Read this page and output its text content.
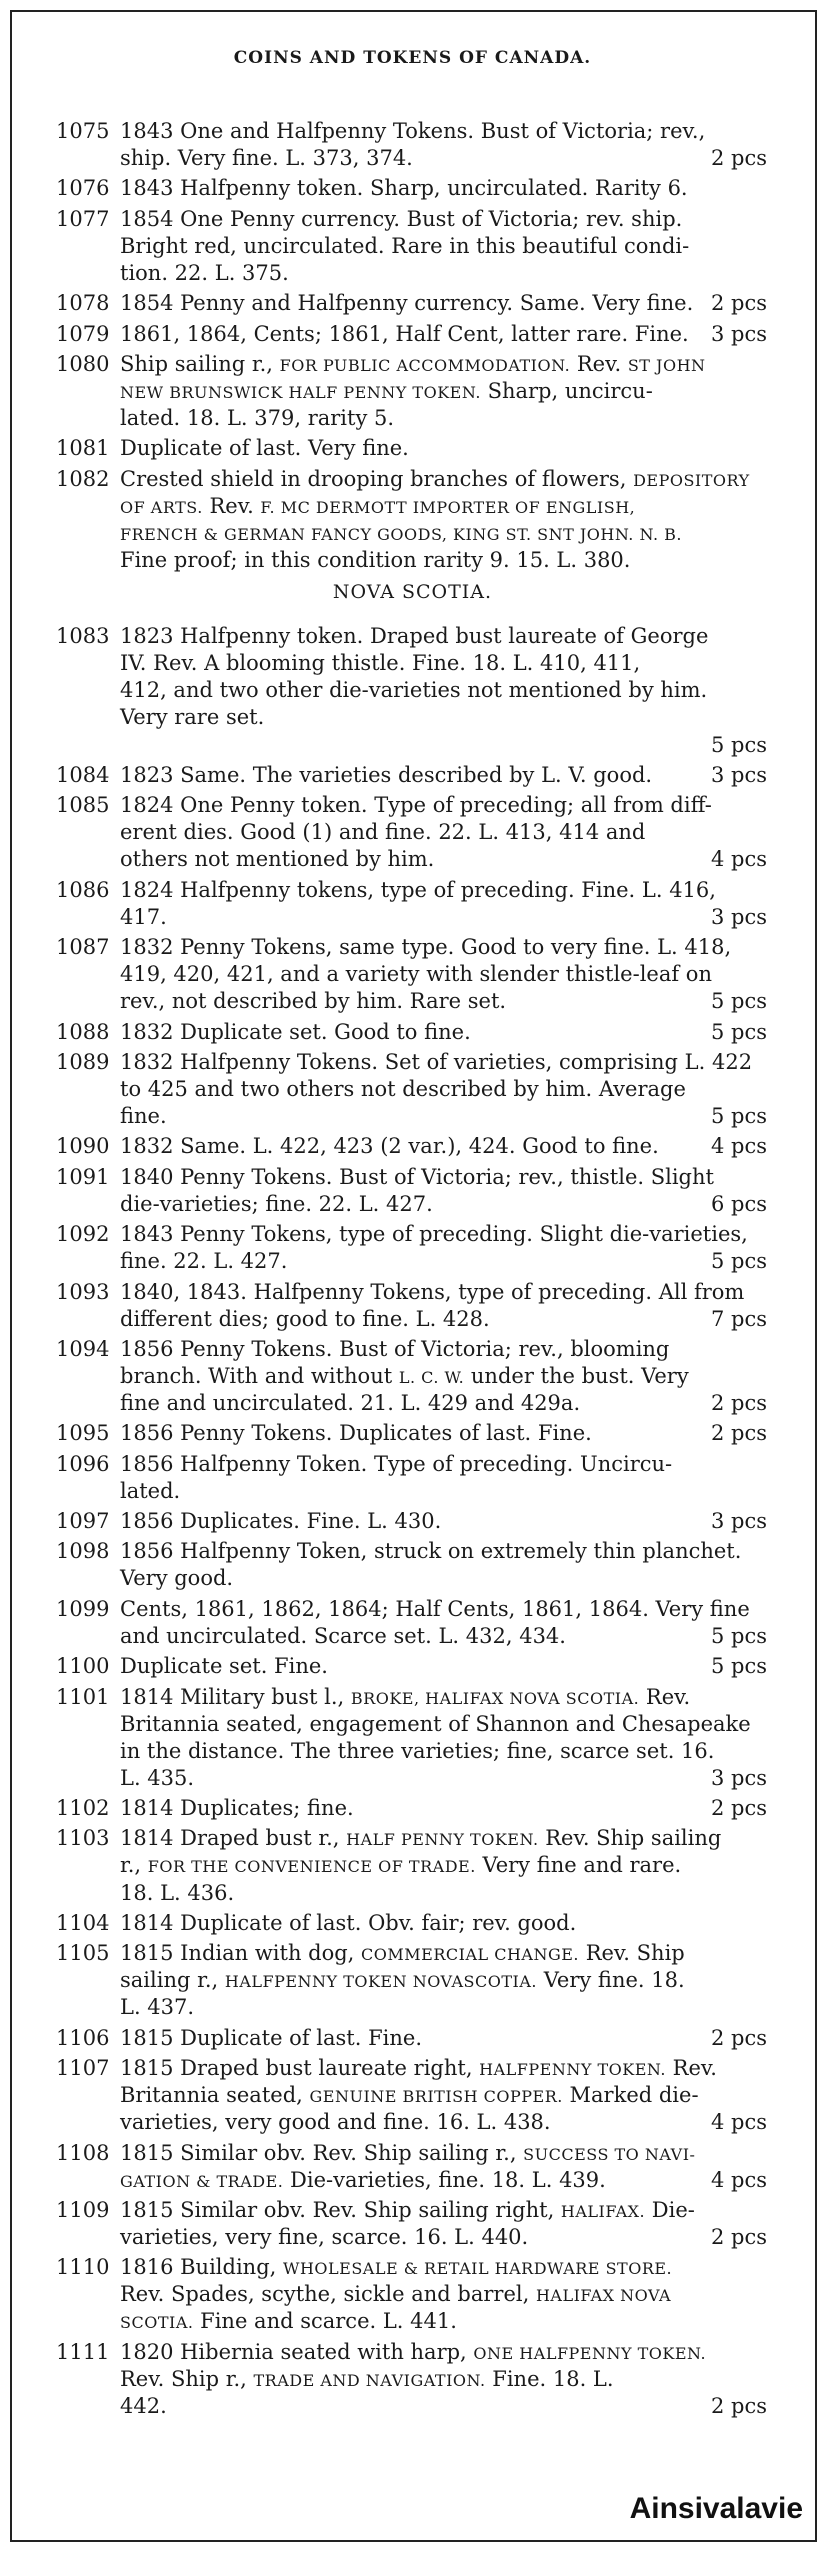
COINS AND TOKENS OF CANADA.
1075 1843 One and Halfpenny Tokens. Bust of Victoria; rev.,
ship. Very fine. L. 373, 374.	2 pcs
1076 1843 Halfpenny token. Sharp, uncirculated. Rarity 6.
1077 1854 One Penny currency. Bust of Victoria; rev. ship.
Bright red, uncirculated. Rare in this beautiful condi-
tion. 22. L. 375.
1078 1854 Penny and Halfpenny currency. Same. Very fine. 2 pcs
1079 1861, 1864, Cents; 1861, Half Cent, latter rare. Fine. 3 pcs
1080 Ship sailing r., FOR PUBLIC ACCOMMODATION. Rev. ST JOHN
NEW BRUNSWICK HALF PENNY TOKEN. Sharp, uncircu-
lated. 18. L. 379, rarity 5.
1081 Duplicate of last. Very fine.
1082 Crested shield in drooping branches of flowers, DEPOSITORY
OF ARTS. Rev. F. MC DERMOTT IMPORTER OF ENGLISH,
FRENCH & GERMAN FANCY GOODS, KING ST. SNT JOHN. N. B.
Fine proof; in this condition rarity 9. 15. L. 380.
1083 1823 Halfpenny token. Draped bust laureate of George
IV. Rev. A blooming thistle. Fine. 18. L. 410, 411,
412, and two other die-varieties not mentioned by him.
Very rare set.
5 pcs
1084 1823 Same. The varieties described by L. V. good.	3 pcs
1085 1824 One Penny token. Type of preceding; all from diff-
erent dies. Good (1) and fine. 22. L. 413, 414 and
others not mentioned by him.	4 pcs
1086 1824 Halfpenny tokens, type of preceding. Fine. L. 416,
417.	3 pcs
1087 1832 Penny Tokens, same type. Good to very fine. L. 418,
419, 420, 421, and a variety with slender thistle-leaf on
rev., not described by him. Rare set.	5 pcs
1088 1832 Duplicate set. Good to fine.	5 pcs
1089 1832 Halfpenny Tokens. Set of varieties, comprising L. 422
to 425 and two others not described by him. Average
fine.	5 pcs
1090 1832 Same. L. 422, 423 (2 var.), 424. Good to fine. 4 pcs
1091 1840 Penny Tokens. Bust of Victoria; rev., thistle. Slight
die-varieties; fine. 22. L. 427.	6 pcs
1092 1843 Penny Tokens, type of preceding. Slight die-varieties,
fine. 22. L. 427.	5 pcs
1093 1840, 1843. Halfpenny Tokens, type of preceding. All from
different dies; good to fine. L. 428.	7 pcs
1094 1856 Penny Tokens. Bust of Victoria; rev., blooming
branch. With and without L. C. W. under the bust. Very
fine and uncirculated. 21. L. 429 and 429a.	2 pcs
1095 1856 Penny Tokens. Duplicates of last. Fine.	2 pcs
1096 1856 Halfpenny Token. Type of preceding. Uncircu-
lated.
1097 1856 Duplicates. Fine. L. 430.	3 pcs
1098 1856 Halfpenny Token, struck on extremely thin planchet.
Very good.
1099 Cents, 1861, 1862, 1864; Half Cents, 1861, 1864. Very fine
and uncirculated. Scarce set. L. 432, 434.	5 pcs
1100 Duplicate set. Fine.	5 pcs
1101 1814 Military bust l., BROKE, HALIFAX NOVA SCOTIA. Rev.
Britannia seated, engagement of Shannon and Chesapeake
in the distance. The three varieties; fine, scarce set. 16.
L. 435.	3 pcs
1102 1814 Duplicates; fine.	2 pcs
1103 1814 Draped bust r., HALF PENNY TOKEN. Rev. Ship sailing
r., FOR THE CONVENIENCE OF TRADE. Very fine and rare.
18. L. 436.
1104 1814 Duplicate of last. Obv. fair; rev. good.
1105 1815 Indian with dog, COMMERCIAL CHANGE. Rev. Ship
sailing r., HALFPENNY TOKEN NOVASCOTIA. Very fine. 18.
L. 437.
1106 1815 Duplicate of last. Fine.	2 pcs
1107 1815 Draped bust laureate right, HALFPENNY TOKEN. Rev.
Britannia seated, GENUINE BRITISH COPPER. Marked die-
varieties, very good and fine. 16. L. 438.	4 pcs
1108 1815 Similar obv. Rev. Ship sailing r., SUCCESS TO NAVI-
GATION & TRADE. Die-varieties, fine. 18. L. 439.	4 pcs
1109 1815 Similar obv. Rev. Ship sailing right, HALIFAX. Die-
varieties, very fine, scarce. 16. L. 440.	2 pcs
1110 1816 Building, WHOLESALE & RETAIL HARDWARE STORE.
Rev. Spades, scythe, sickle and barrel, HALIFAX NOVA
SCOTIA. Fine and scarce. L. 441.
1111 1820 Hibernia seated with harp, ONE HALFPENNY TOKEN.
Rev. Ship r., TRADE AND NAVIGATION. Fine. 18. L.
442.	2 pcs
NOVA SCOTIA.
Ainsivalavie
